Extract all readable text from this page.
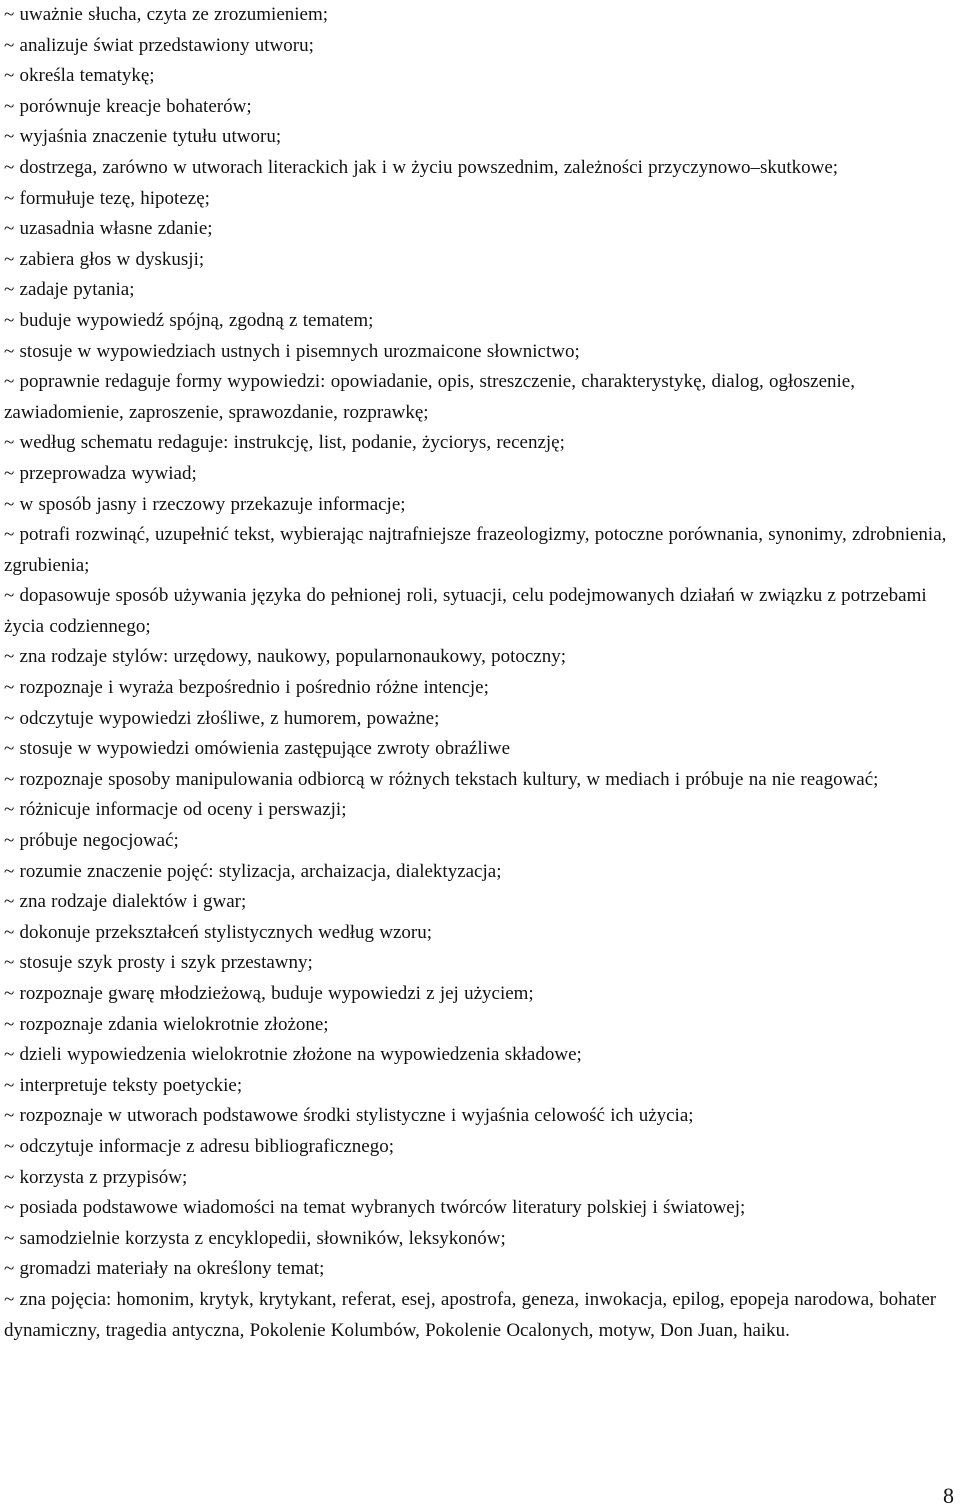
~ uważnie słucha, czyta ze zrozumieniem;
~ analizuje świat przedstawiony utworu;
~ określa tematykę;
~ porównuje kreacje bohaterów;
~ wyjaśnia znaczenie tytułu utworu;
~ dostrzega, zarówno w utworach literackich jak i w życiu powszednim, zależności przyczynowo–skutkowe;
~ formułuje tezę, hipotezę;
~ uzasadnia własne zdanie;
~ zabiera głos w dyskusji;
~ zadaje pytania;
~ buduje wypowiedź spójną, zgodną z tematem;
~ stosuje w wypowiedziach ustnych i pisemnych urozmaicone słownictwo;
~ poprawnie redaguje formy wypowiedzi: opowiadanie, opis, streszczenie, charakterystykę, dialog, ogłoszenie, zawiadomienie, zaproszenie, sprawozdanie, rozprawkę;
~ według schematu redaguje: instrukcję, list, podanie, życiorys, recenzję;
~ przeprowadza wywiad;
~ w sposób jasny i rzeczowy przekazuje informacje;
~ potrafi rozwinąć, uzupełnić tekst, wybierając najtrafniejsze frazeologizmy, potoczne porównania, synonimy, zdrobnienia, zgrubienia;
~ dopasowuje sposób używania języka do pełnionej roli, sytuacji, celu podejmowanych działań w związku z potrzebami życia codziennego;
~ zna rodzaje stylów: urzędowy, naukowy, popularnonaukowy, potoczny;
~ rozpoznaje i wyraża bezpośrednio i pośrednio różne intencje;
~ odczytuje wypowiedzi złośliwe, z humorem, poważne;
~ stosuje w wypowiedzi omówienia zastępujące zwroty obraźliwe
~ rozpoznaje sposoby manipulowania odbiorcą w różnych tekstach kultury, w mediach i próbuje na nie reagować;
~ różnicuje informacje od oceny i perswazji;
~ próbuje negocjować;
~ rozumie znaczenie pojęć: stylizacja, archaizacja, dialektyzacja;
~ zna rodzaje dialektów i gwar;
~ dokonuje przekształceń stylistycznych według wzoru;
~ stosuje szyk prosty i szyk przestawny;
~ rozpoznaje gwarę młodzieżową, buduje wypowiedzi z jej użyciem;
~ rozpoznaje zdania wielokrotnie złożone;
~ dzieli wypowiedzenia wielokrotnie złożone na wypowiedzenia składowe;
~ interpretuje teksty poetyckie;
~ rozpoznaje w utworach podstawowe środki stylistyczne i wyjaśnia celowość ich użycia;
~ odczytuje informacje z adresu bibliograficznego;
~ korzysta z przypisów;
~ posiada podstawowe wiadomości na temat wybranych twórców literatury polskiej i światowej;
~ samodzielnie korzysta z encyklopedii, słowników, leksykonów;
~ gromadzi materiały na określony temat;
~ zna pojęcia: homonim, krytyk, krytykant, referat, esej, apostrofa, geneza, inwokacja, epilog, epopeja narodowa, bohater dynamiczny, tragedia antyczna, Pokolenie Kolumbów, Pokolenie Ocalonych, motyw, Don Juan, haiku.
8
